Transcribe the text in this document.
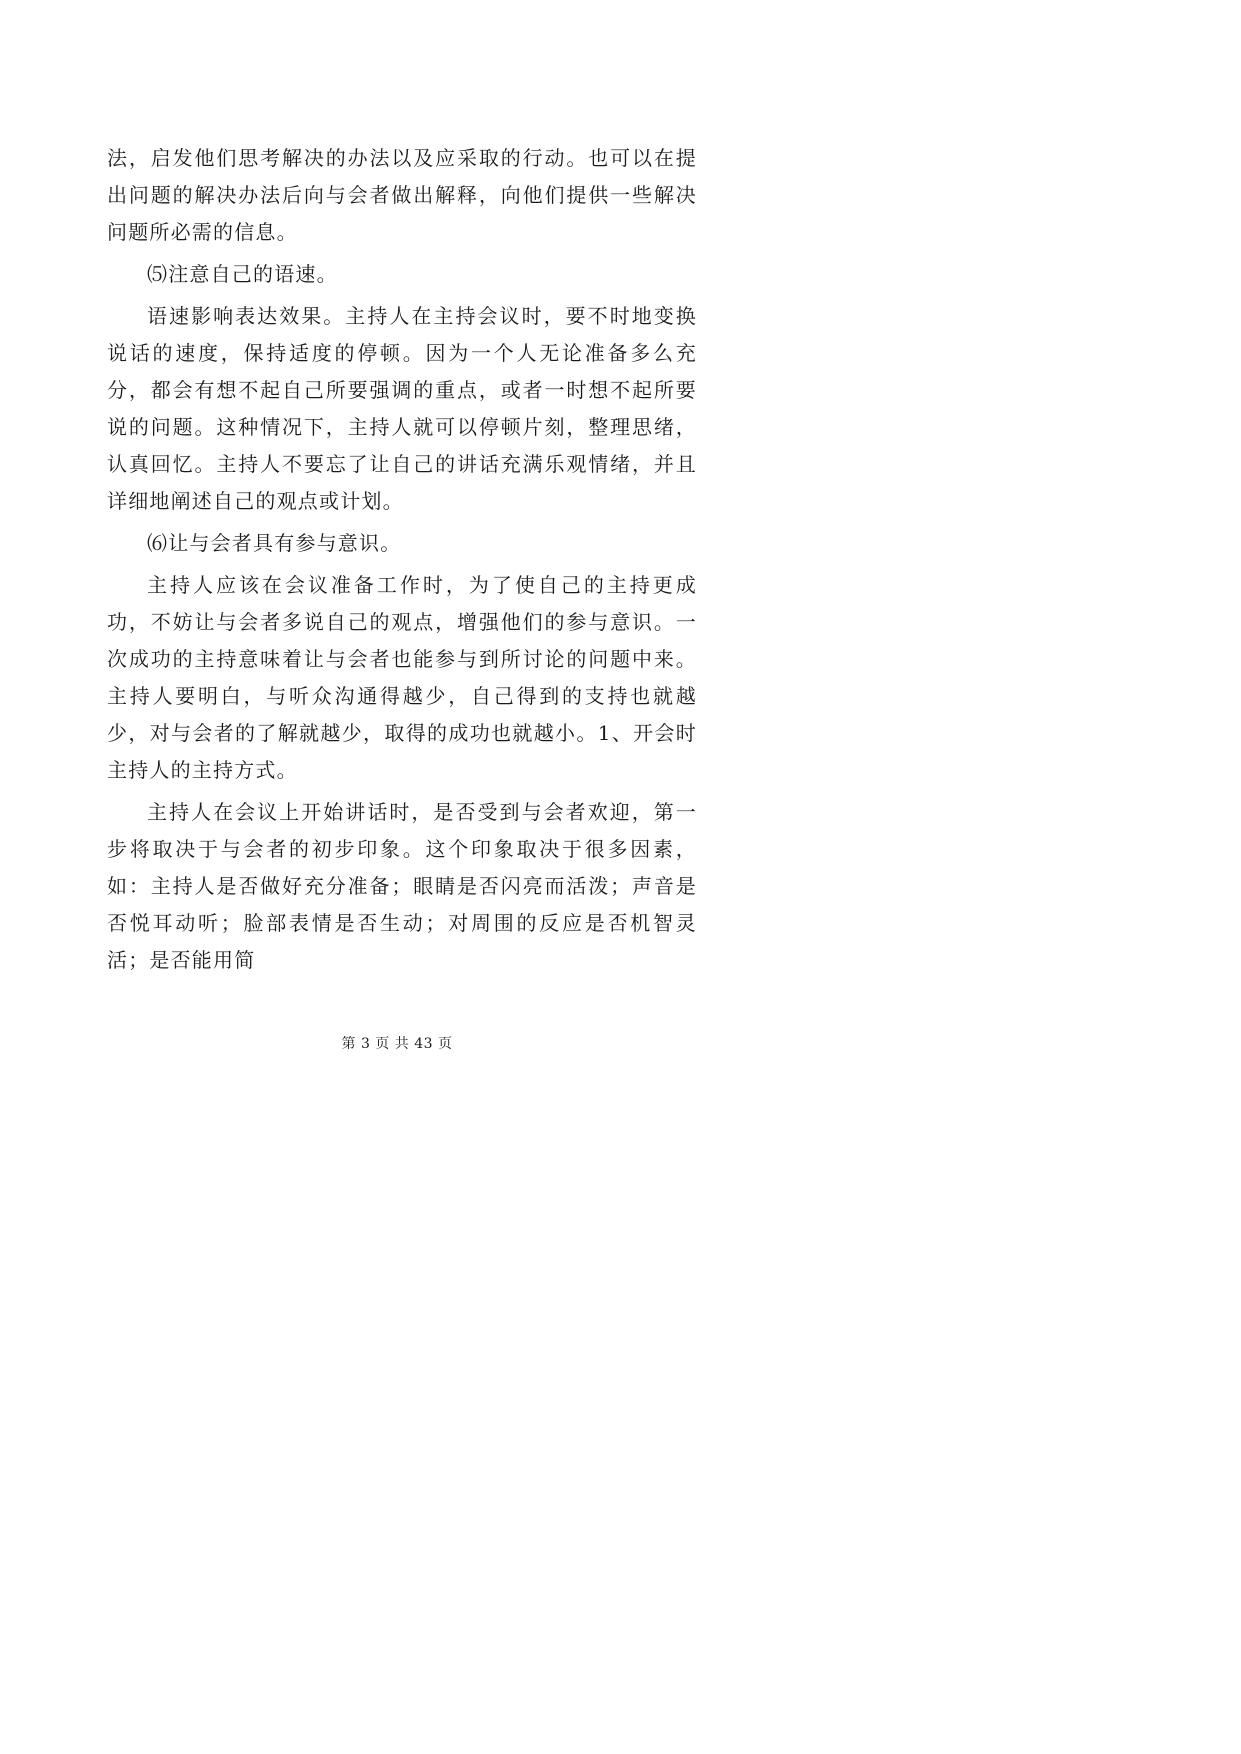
法，启发他们思考解决的办法以及应采取的行动。也可以在提出问题的解决办法后向与会者做出解释，向他们提供一些解决问题所必需的信息。

⑸注意自己的语速。

语速影响表达效果。主持人在主持会议时，要不时地变换说话的速度，保持适度的停顿。因为一个人无论准备多么充分，都会有想不起自己所要强调的重点，或者一时想不起所要说的问题。这种情况下，主持人就可以停顿片刻，整理思绪，认真回忆。主持人不要忘了让自己的讲话充满乐观情绪，并且详细地阐述自己的观点或计划。

⑹让与会者具有参与意识。

主持人应该在会议准备工作时，为了使自己的主持更成功，不妨让与会者多说自己的观点，增强他们的参与意识。一次成功的主持意味着让与会者也能参与到所讨论的问题中来。主持人要明白，与听众沟通得越少，自己得到的支持也就越少，对与会者的了解就越少，取得的成功也就越小。1、开会时主持人的主持方式。

主持人在会议上开始讲话时，是否受到与会者欢迎，第一步将取决于与会者的初步印象。这个印象取决于很多因素，如：主持人是否做好充分准备；眼睛是否闪亮而活泼；声音是否悦耳动听；脸部表情是否生动；对周围的反应是否机智灵活；是否能用简

第 3 页 共 43 页
